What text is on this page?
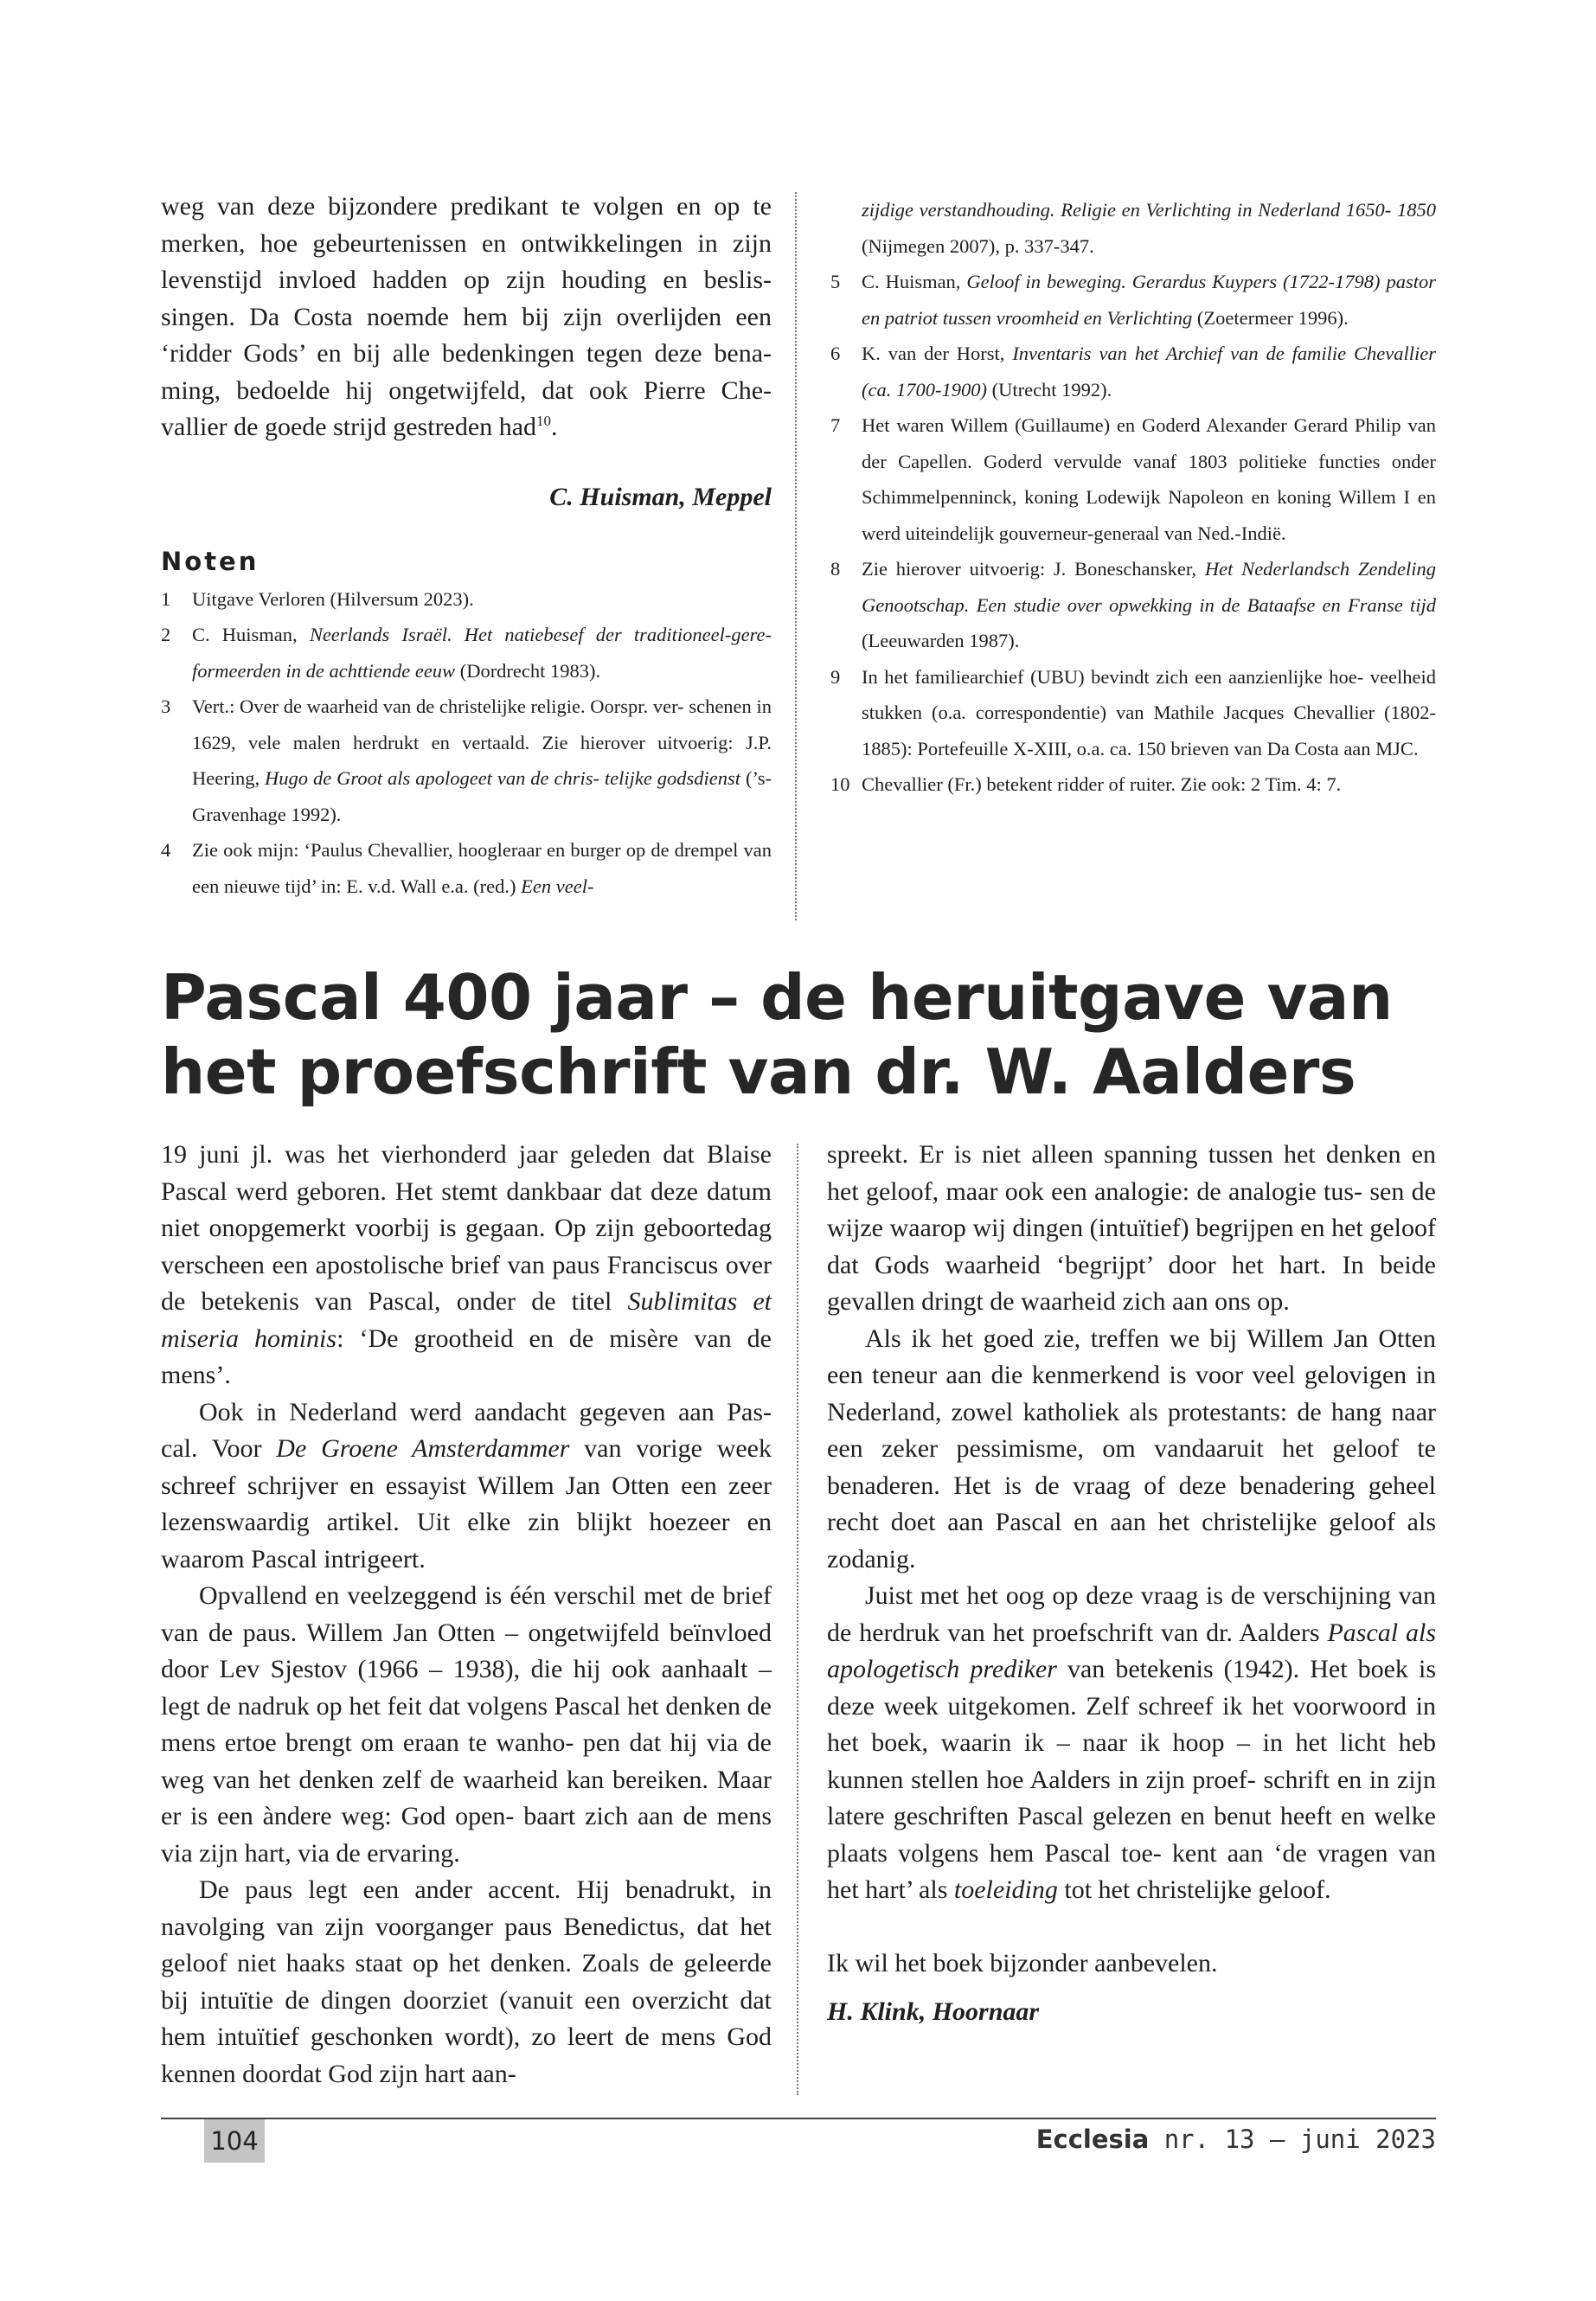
weg van deze bijzondere predikant te volgen en op te merken, hoe gebeurtenissen en ontwikkelingen in zijn levenstijd invloed hadden op zijn houding en beslis- singen. Da Costa noemde hem bij zijn overlijden een ‘ridder Gods’ en bij alle bedenkingen tegen deze bena- ming, bedoelde hij ongetwijfeld, dat ook Pierre Che- vallier de goede strijd gestreden had$^{10}$.

C. Huisman, Meppel

Noten
1	Uitgave Verloren (Hilversum 2023).
2	C. Huisman, Neerlands Israël. Het natiebesef der traditioneel-gere- formeerden in de achttiende eeuw (Dordrecht 1983).
3	Vert.: Over de waarheid van de christelijke religie. Oorspr. ver- schenen in 1629, vele malen herdrukt en vertaald. Zie hierover uitvoerig: J.P. Heering, Hugo de Groot als apologeet van de chris- telijke godsdienst (’s-Gravenhage 1992).
4	Zie ook mijn: ‘Paulus Chevallier, hoogleraar en burger op de drempel van een nieuwe tijd’ in: E. v.d. Wall e.a. (red.) Een veel-
zijdige verstandhouding. Religie en Verlichting in Nederland 1650- 1850 (Nijmegen 2007), p. 337-347.
5	C. Huisman, Geloof in beweging. Gerardus Kuypers (1722-1798) pastor en patriot tussen vroomheid en Verlichting (Zoetermeer 1996).
6	K. van der Horst, Inventaris van het Archief van de familie Chevallier (ca. 1700-1900) (Utrecht 1992).
7	Het waren Willem (Guillaume) en Goderd Alexander Gerard Philip van der Capellen. Goderd vervulde vanaf 1803 politieke functies onder Schimmelpenninck, koning Lodewijk Napoleon en koning Willem I en werd uiteindelijk gouverneur-generaal van Ned.-Indië.
8	Zie hierover uitvoerig: J. Boneschansker, Het Nederlandsch Zendeling Genootschap. Een studie over opwekking in de Bataafse en Franse tijd (Leeuwarden 1987).
9	In het familiearchief (UBU) bevindt zich een aanzienlijke hoe- veelheid stukken (o.a. correspondentie) van Mathile Jacques Chevallier (1802-1885): Portefeuille X-XIII, o.a. ca. 150 brieven van Da Costa aan MJC.
10 Chevallier (Fr.) betekent ridder of ruiter. Zie ook: 2 Tim. 4: 7.
Pascal 400 jaar – de heruitgave van het proefschrift van dr. W. Aalders

19 juni jl. was het vierhonderd jaar geleden dat Blaise Pascal werd geboren. Het stemt dankbaar dat deze datum niet onopgemerkt voorbij is gegaan. Op zijn geboortedag verscheen een apostolische brief van paus Franciscus over de betekenis van Pascal, onder de titel Sublimitas et miseria hominis: ‘De grootheid en de misère van de mens’.

Ook in Nederland werd aandacht gegeven aan Pas- cal. Voor De Groene Amsterdammer van vorige week schreef schrijver en essayist Willem Jan Otten een zeer lezenswaardig artikel. Uit elke zin blijkt hoezeer en waarom Pascal intrigeert.

Opvallend en veelzeggend is één verschil met de brief van de paus. Willem Jan Otten – ongetwijfeld beïnvloed door Lev Sjestov (1966 – 1938), die hij ook aanhaalt – legt de nadruk op het feit dat volgens Pascal het denken de mens ertoe brengt om eraan te wanho- pen dat hij via de weg van het denken zelf de waarheid kan bereiken. Maar er is een àndere weg: God open- baart zich aan de mens via zijn hart, via de ervaring.

De paus legt een ander accent. Hij benadrukt, in navolging van zijn voorganger paus Benedictus, dat het geloof niet haaks staat op het denken. Zoals de geleerde bij intuïtie de dingen doorziet (vanuit een overzicht dat hem intuïtief geschonken wordt), zo leert de mens God kennen doordat God zijn hart aan-

spreekt. Er is niet alleen spanning tussen het denken en het geloof, maar ook een analogie: de analogie tus- sen de wijze waarop wij dingen (intuïtief) begrijpen en het geloof dat Gods waarheid ‘begrijpt’ door het hart. In beide gevallen dringt de waarheid zich aan ons op.

Als ik het goed zie, treffen we bij Willem Jan Otten een teneur aan die kenmerkend is voor veel gelovigen in Nederland, zowel katholiek als protestants: de hang naar een zeker pessimisme, om vandaaruit het geloof te benaderen. Het is de vraag of deze benadering geheel recht doet aan Pascal en aan het christelijke geloof als zodanig.

Juist met het oog op deze vraag is de verschijning van de herdruk van het proefschrift van dr. Aalders Pascal als apologetisch prediker van betekenis (1942). Het boek is deze week uitgekomen. Zelf schreef ik het voorwoord in het boek, waarin ik – naar ik hoop – in het licht heb kunnen stellen hoe Aalders in zijn proef- schrift en in zijn latere geschriften Pascal gelezen en benut heeft en welke plaats volgens hem Pascal toe- kent aan ‘de vragen van het hart’ als toeleiding tot het christelijke geloof.

Ik wil het boek bijzonder aanbevelen.

H. Klink, Hoornaar

104	Ecclesia nr. 13 – juni 2023
